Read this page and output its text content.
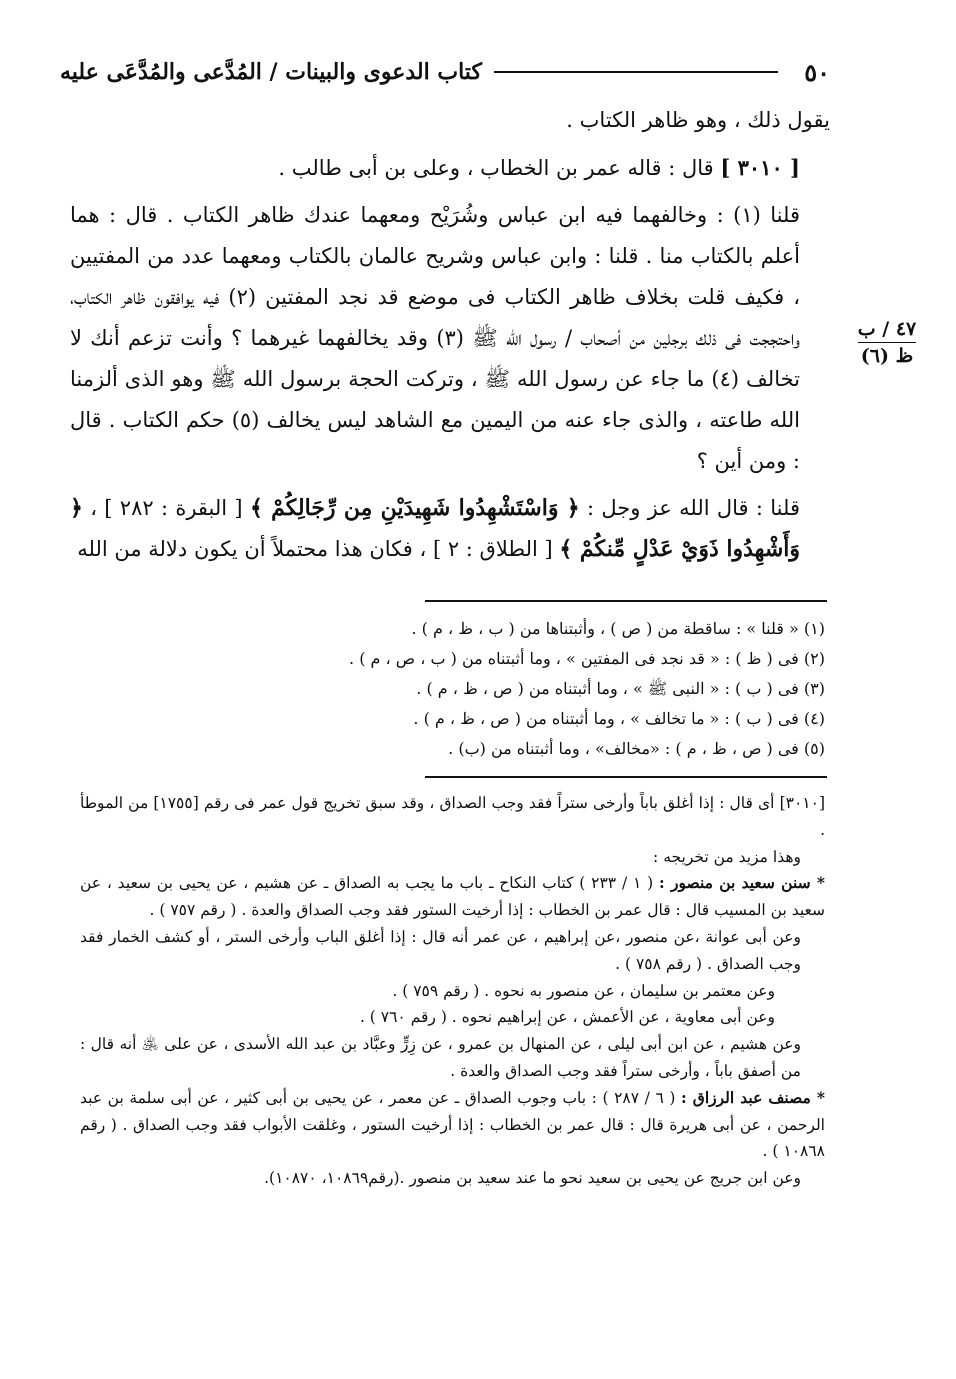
٥٠
كتاب الدعوى والبينات / المُدَّعى والمُدَّعَى عليه

يقول ذلك ، وهو ظاهر الكتاب .

[ ٣٠١٠ ] قال : قاله عمر بن الخطاب ، وعلى بن أبى طالب .

قلنا (١) : وخالفهما فيه ابن عباس وشُرَيْح ومعهما عندك ظاهر الكتاب . قال : هما أعلم بالكتاب منا . قلنا : وابن عباس وشريح عالمان بالكتاب ومعهما عدد من المفتيين ، فكيف قلت بخلاف ظاهر الكتاب فى موضع قد نجد المفتين (٢) فيه يوافقون ظاهر الكتاب، واحتججت فى ذلك برجلين من أصحاب / رسول الله ﷺ (٣) وقد يخالفهما غيرهما ؟ وأنت تزعم أنك لا تخالف (٤) ما جاء عن رسول الله ﷺ ، وتركت الحجة برسول الله ﷺ وهو الذى ألزمنا الله طاعته ، والذى جاء عنه من اليمين مع الشاهد ليس يخالف (٥) حكم الكتاب . قال : ومن أين ؟

قلنا : قال الله عز وجل : ﴿ وَاسْتَشْهِدُوا شَهِيدَيْنِ مِن رِّجَالِكُمْ ﴾ [ البقرة : ٢٨٢ ] ، ﴿ وَأَشْهِدُوا ذَوَيْ عَدْلٍ مِّنكُمْ ﴾ [ الطلاق : ٢ ] ، فكان هذا محتملاً أن يكون دلالة من الله

٤٧ / ب
ظ (٦)
(١) « قلنا » : ساقطة من ( ص ) ، وأثبتناها من ( ب ، ظ ، م ) .
(٢) فى ( ظ ) : « قد نجد فى المفتين » ، وما أثبتناه من ( ب ، ص ، م ) .
(٣) فى ( ب ) : « النبى ﷺ » ، وما أثبتناه من ( ص ، ظ ، م ) .
(٤) فى ( ب ) : « ما تخالف » ، وما أثبتناه من ( ص ، ظ ، م ) .
(٥) فى ( ص ، ظ ، م ) : «مخالف» ، وما أثبتناه من (ب) .

[٣٠١٠] أى قال : إذا أغلق باباً وأرخى ستراً فقد وجب الصداق ، وقد سبق تخريج قول عمر فى رقم [١٧٥٥] من الموطأ .

وهذا مزيد من تخريجه :

* سنن سعيد بن منصور : ( ١ / ٢٣٣ ) كتاب النكاح ـ باب ما يجب به الصداق ـ عن هشيم ، عن يحيى بن سعيد ، عن سعيد بن المسيب قال : قال عمر بن الخطاب : إذا أرخيت الستور فقد وجب الصداق والعدة . ( رقم ٧٥٧ ) .

وعن أبى عوانة ،عن منصور ،عن إبراهيم ، عن عمر أنه قال : إذا أغلق الباب وأرخى الستر ، أو كشف الخمار فقد وجب الصداق . ( رقم ٧٥٨ ) .

وعن معتمر بن سليمان ، عن منصور به نحوه . ( رقم ٧٥٩ ) .

وعن أبى معاوية ، عن الأعمش ، عن إبراهيم نحوه . ( رقم ٧٦٠ ) .

وعن هشيم ، عن ابن أبى ليلى ، عن المنهال بن عمرو ، عن زِرٍّ وعبَّاد بن عبد الله الأسدى ، عن على ﵁ أنه قال : من أصفق باباً ، وأرخى ستراً فقد وجب الصداق والعدة .

* مصنف عبد الرزاق : ( ٦ / ٢٨٧ ) : باب وجوب الصداق ـ عن معمر ، عن يحيى بن أبى كثير ، عن أبى سلمة بن عبد الرحمن ، عن أبى هريرة قال : قال عمر بن الخطاب : إذا أرخيت الستور ، وغلقت الأبواب فقد وجب الصداق . ( رقم ١٠٨٦٨ ) .

وعن ابن جريج عن يحيى بن سعيد نحو ما عند سعيد بن منصور .(رقم١٠٨٦٩، ١٠٨٧٠).
